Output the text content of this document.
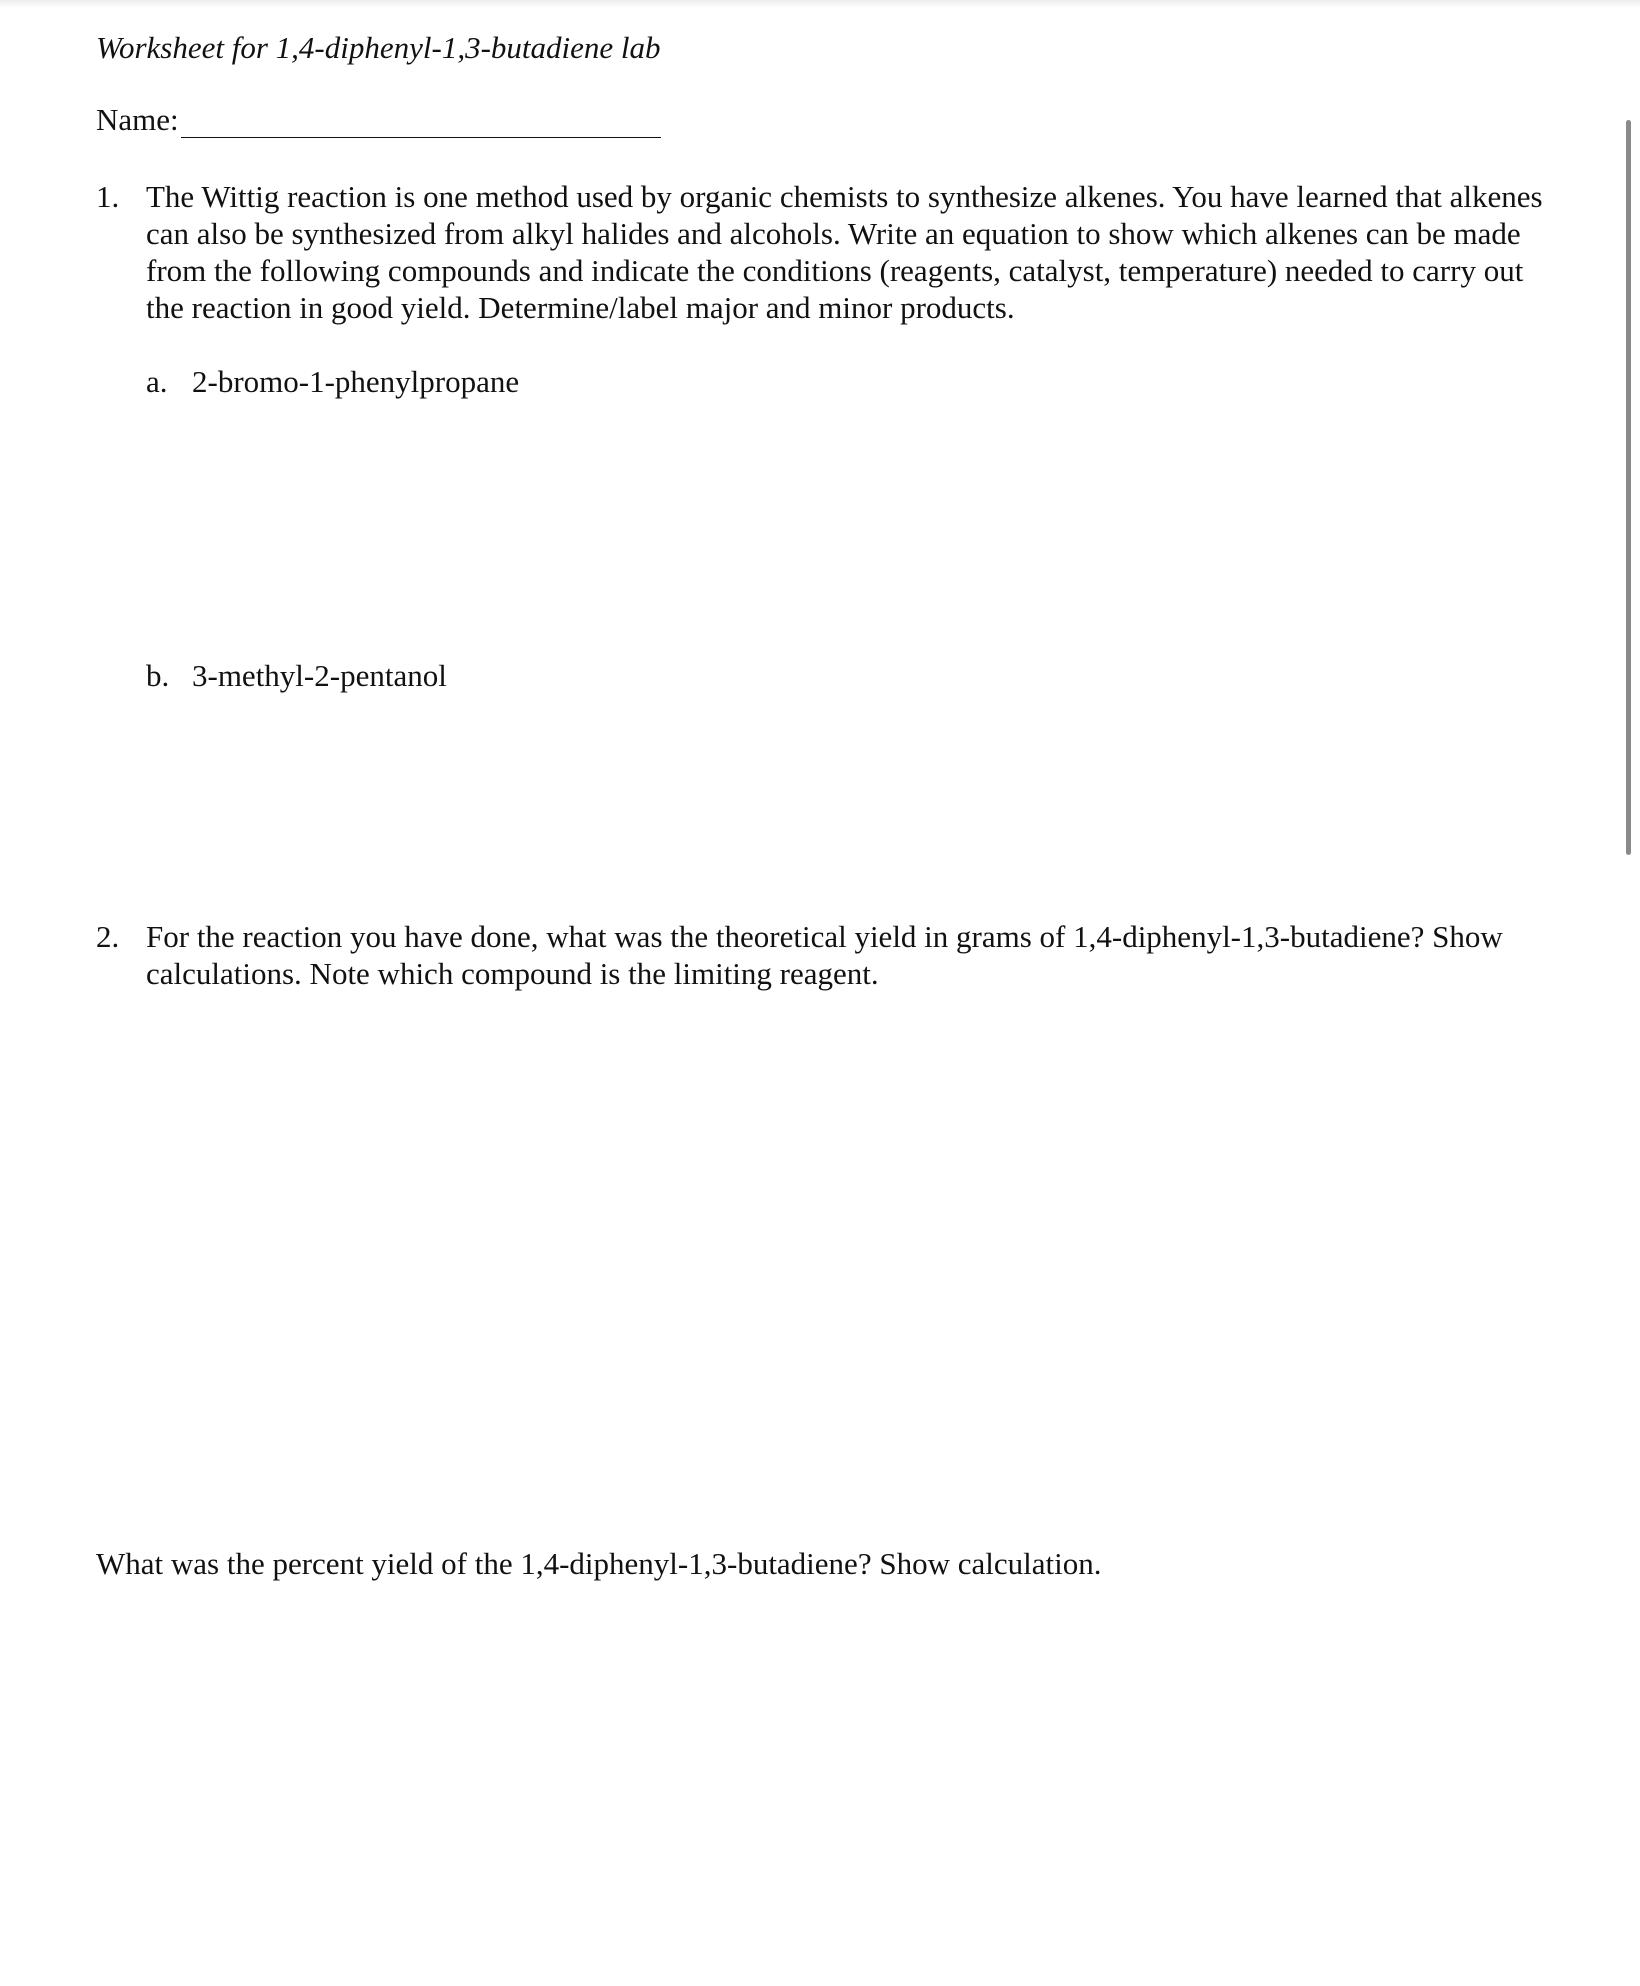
Worksheet for 1,4-diphenyl-1,3-butadiene lab
Name:
1. The Wittig reaction is one method used by organic chemists to synthesize alkenes. You have learned that alkenes can also be synthesized from alkyl halides and alcohols. Write an equation to show which alkenes can be made from the following compounds and indicate the conditions (reagents, catalyst, temperature) needed to carry out the reaction in good yield. Determine/label major and minor products.
a. 2-bromo-1-phenylpropane
b. 3-methyl-2-pentanol
2. For the reaction you have done, what was the theoretical yield in grams of 1,4-diphenyl-1,3-butadiene? Show calculations. Note which compound is the limiting reagent.
What was the percent yield of the 1,4-diphenyl-1,3-butadiene? Show calculation.
